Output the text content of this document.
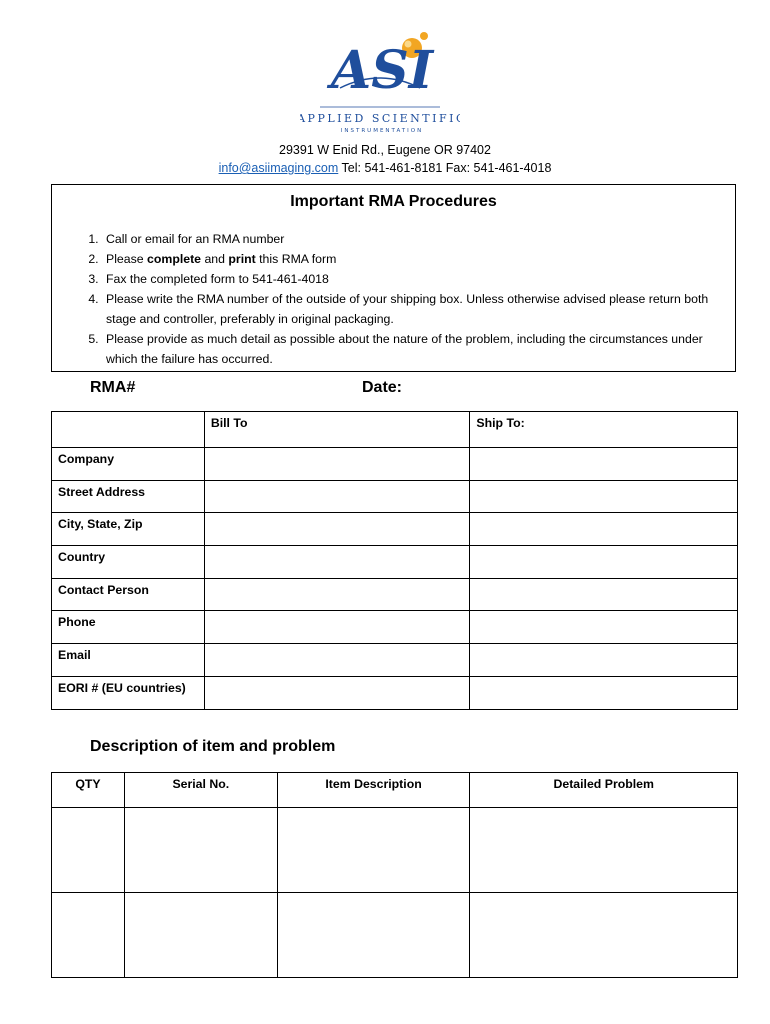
ASI
APPLIED SCIENTIFIC
INSTRUMENTATION
29391 W Enid Rd., Eugene OR 97402
info@asiimaging.com Tel: 541-461-8181 Fax: 541-461-4018
Important RMA Procedures
1. Call or email for an RMA number
2. Please complete and print this RMA form
3. Fax the completed form to 541-461-4018
4. Please write the RMA number of the outside of your shipping box. Unless otherwise advised please return both stage and controller, preferably in original packaging.
5. Please provide as much detail as possible about the nature of the problem, including the circumstances under which the failure has occurred.
RMA#	Date:
	Bill To	Ship To:
Company		
Street Address		
City, State, Zip		
Country		
Contact Person		
Phone		
Email		
EORI # (EU countries)		
Description of item and problem
QTY	Serial No.	Item Description	Detailed Problem
